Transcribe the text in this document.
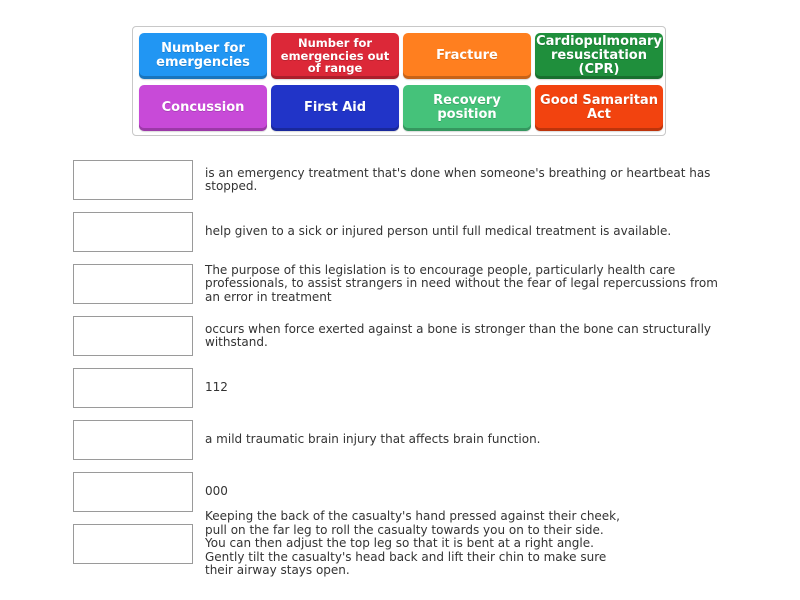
Number for emergencies
Number for emergencies out of range
Fracture
Cardiopulmonary resuscitation (CPR)
Concussion	First Aid	Recovery position
Good Samaritan Act
is an emergency treatment that's done when someone's breathing or heartbeat has stopped.
help given to a sick or injured person until full medical treatment is available.
The purpose of this legislation is to encourage people, particularly health care professionals, to assist strangers in need without the fear of legal repercussions from an error in treatment
occurs when force exerted against a bone is stronger than the bone can structurally withstand.
112
a mild traumatic brain injury that affects brain function.
000
Keeping the back of the casualty's hand pressed against their cheek, pull on the far leg to roll the casualty towards you on to their side. You can then adjust the top leg so that it is bent at a right angle. Gently tilt the casualty's head back and lift their chin to make sure their airway stays open.
